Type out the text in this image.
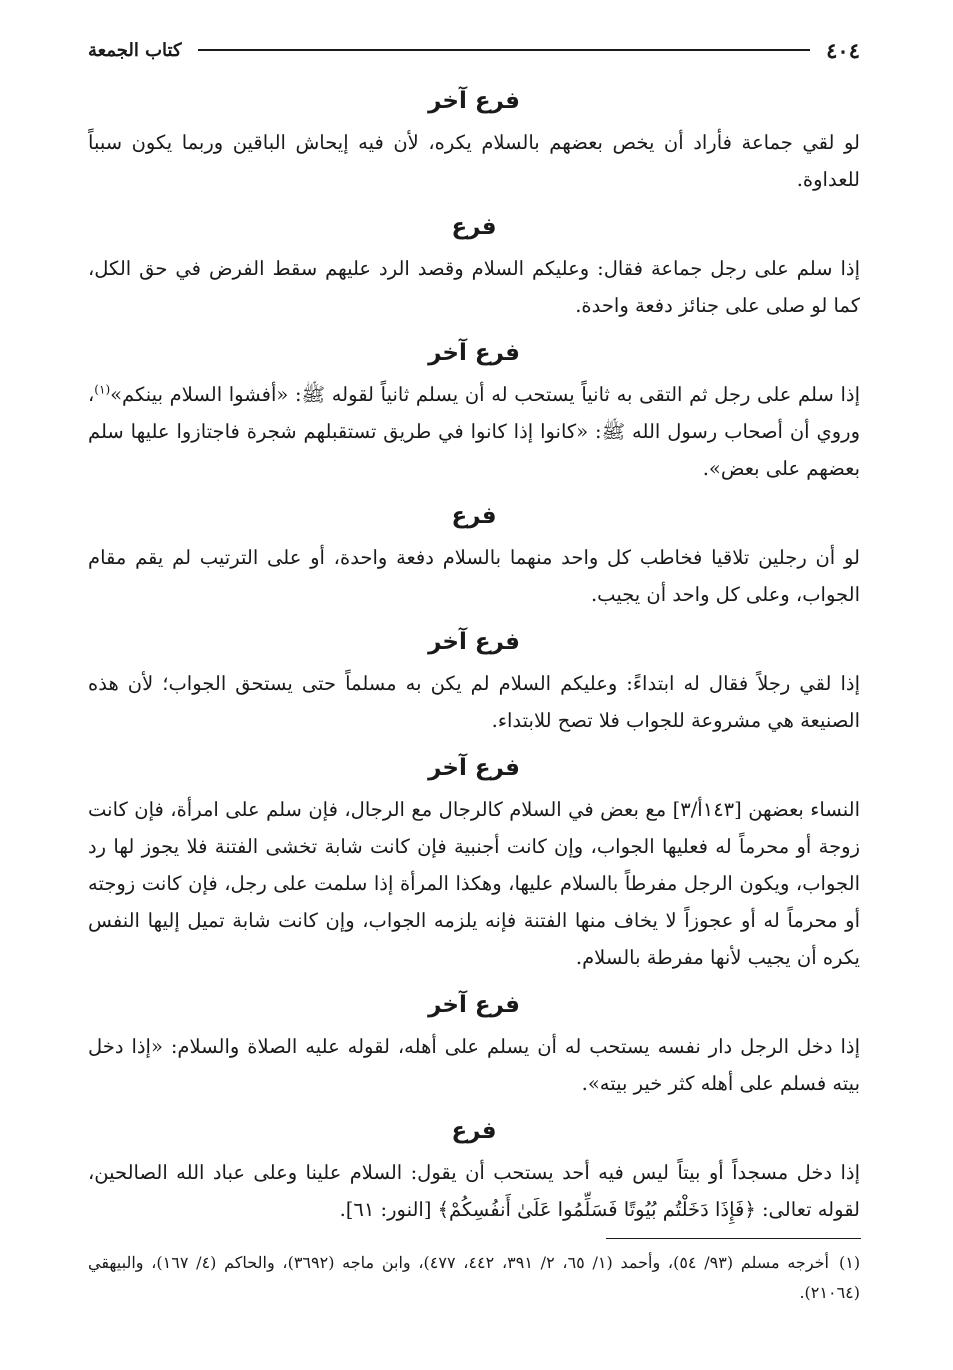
٤٠٤
كتاب الجمعة
فرع آخر

لو لقي جماعة فأراد أن يخص بعضهم بالسلام يكره، لأن فيه إيحاش الباقين وربما يكون سبباً للعداوة.

فرع

إذا سلم على رجل جماعة فقال: وعليكم السلام وقصد الرد عليهم سقط الفرض في حق الكل، كما لو صلى على جنائز دفعة واحدة.

فرع آخر

إذا سلم على رجل ثم التقى به ثانياً يستحب له أن يسلم ثانياً لقوله ﷺ: «أفشوا السلام بينكم»$^{(١)}$، وروي أن أصحاب رسول الله ﷺ: «كانوا إذا كانوا في طريق تستقبلهم شجرة فاجتازوا عليها سلم بعضهم على بعض».

فرع

لو أن رجلين تلاقيا فخاطب كل واحد منهما بالسلام دفعة واحدة، أو على الترتيب لم يقم مقام الجواب، وعلى كل واحد أن يجيب.

فرع آخر

إذا لقي رجلاً فقال له ابتداءً: وعليكم السلام لم يكن به مسلماً حتى يستحق الجواب؛ لأن هذه الصنيعة هي مشروعة للجواب فلا تصح للابتداء.

فرع آخر

النساء بعضهن [١٤٣أ/٣] مع بعض في السلام كالرجال مع الرجال، فإن سلم على امرأة، فإن كانت زوجة أو محرماً له فعليها الجواب، وإن كانت أجنبية فإن كانت شابة تخشى الفتنة فلا يجوز لها رد الجواب، ويكون الرجل مفرطاً بالسلام عليها، وهكذا المرأة إذا سلمت على رجل، فإن كانت زوجته أو محرماً له أو عجوزاً لا يخاف منها الفتنة فإنه يلزمه الجواب، وإن كانت شابة تميل إليها النفس يكره أن يجيب لأنها مفرطة بالسلام.

فرع آخر

إذا دخل الرجل دار نفسه يستحب له أن يسلم على أهله، لقوله عليه الصلاة والسلام: «إذا دخل بيته فسلم على أهله كثر خير بيته».

فرع

إذا دخل مسجداً أو بيتاً ليس فيه أحد يستحب أن يقول: السلام علينا وعلى عباد الله الصالحين، لقوله تعالى: ﴿فَإِذَا دَخَلْتُم بُيُوتًا فَسَلِّمُوا عَلَىٰ أَنفُسِكُمْ﴾ [النور: ٦١].

(١)أخرجه مسلم (٩٣/ ٥٤)، وأحمد (١/ ٦٥، ٢/ ٣٩١، ٤٤٢، ٤٧٧)، وابن ماجه (٣٦٩٢)، والحاكم (٤/ ١٦٧)، والبيهقي (٢١٠٦٤).
